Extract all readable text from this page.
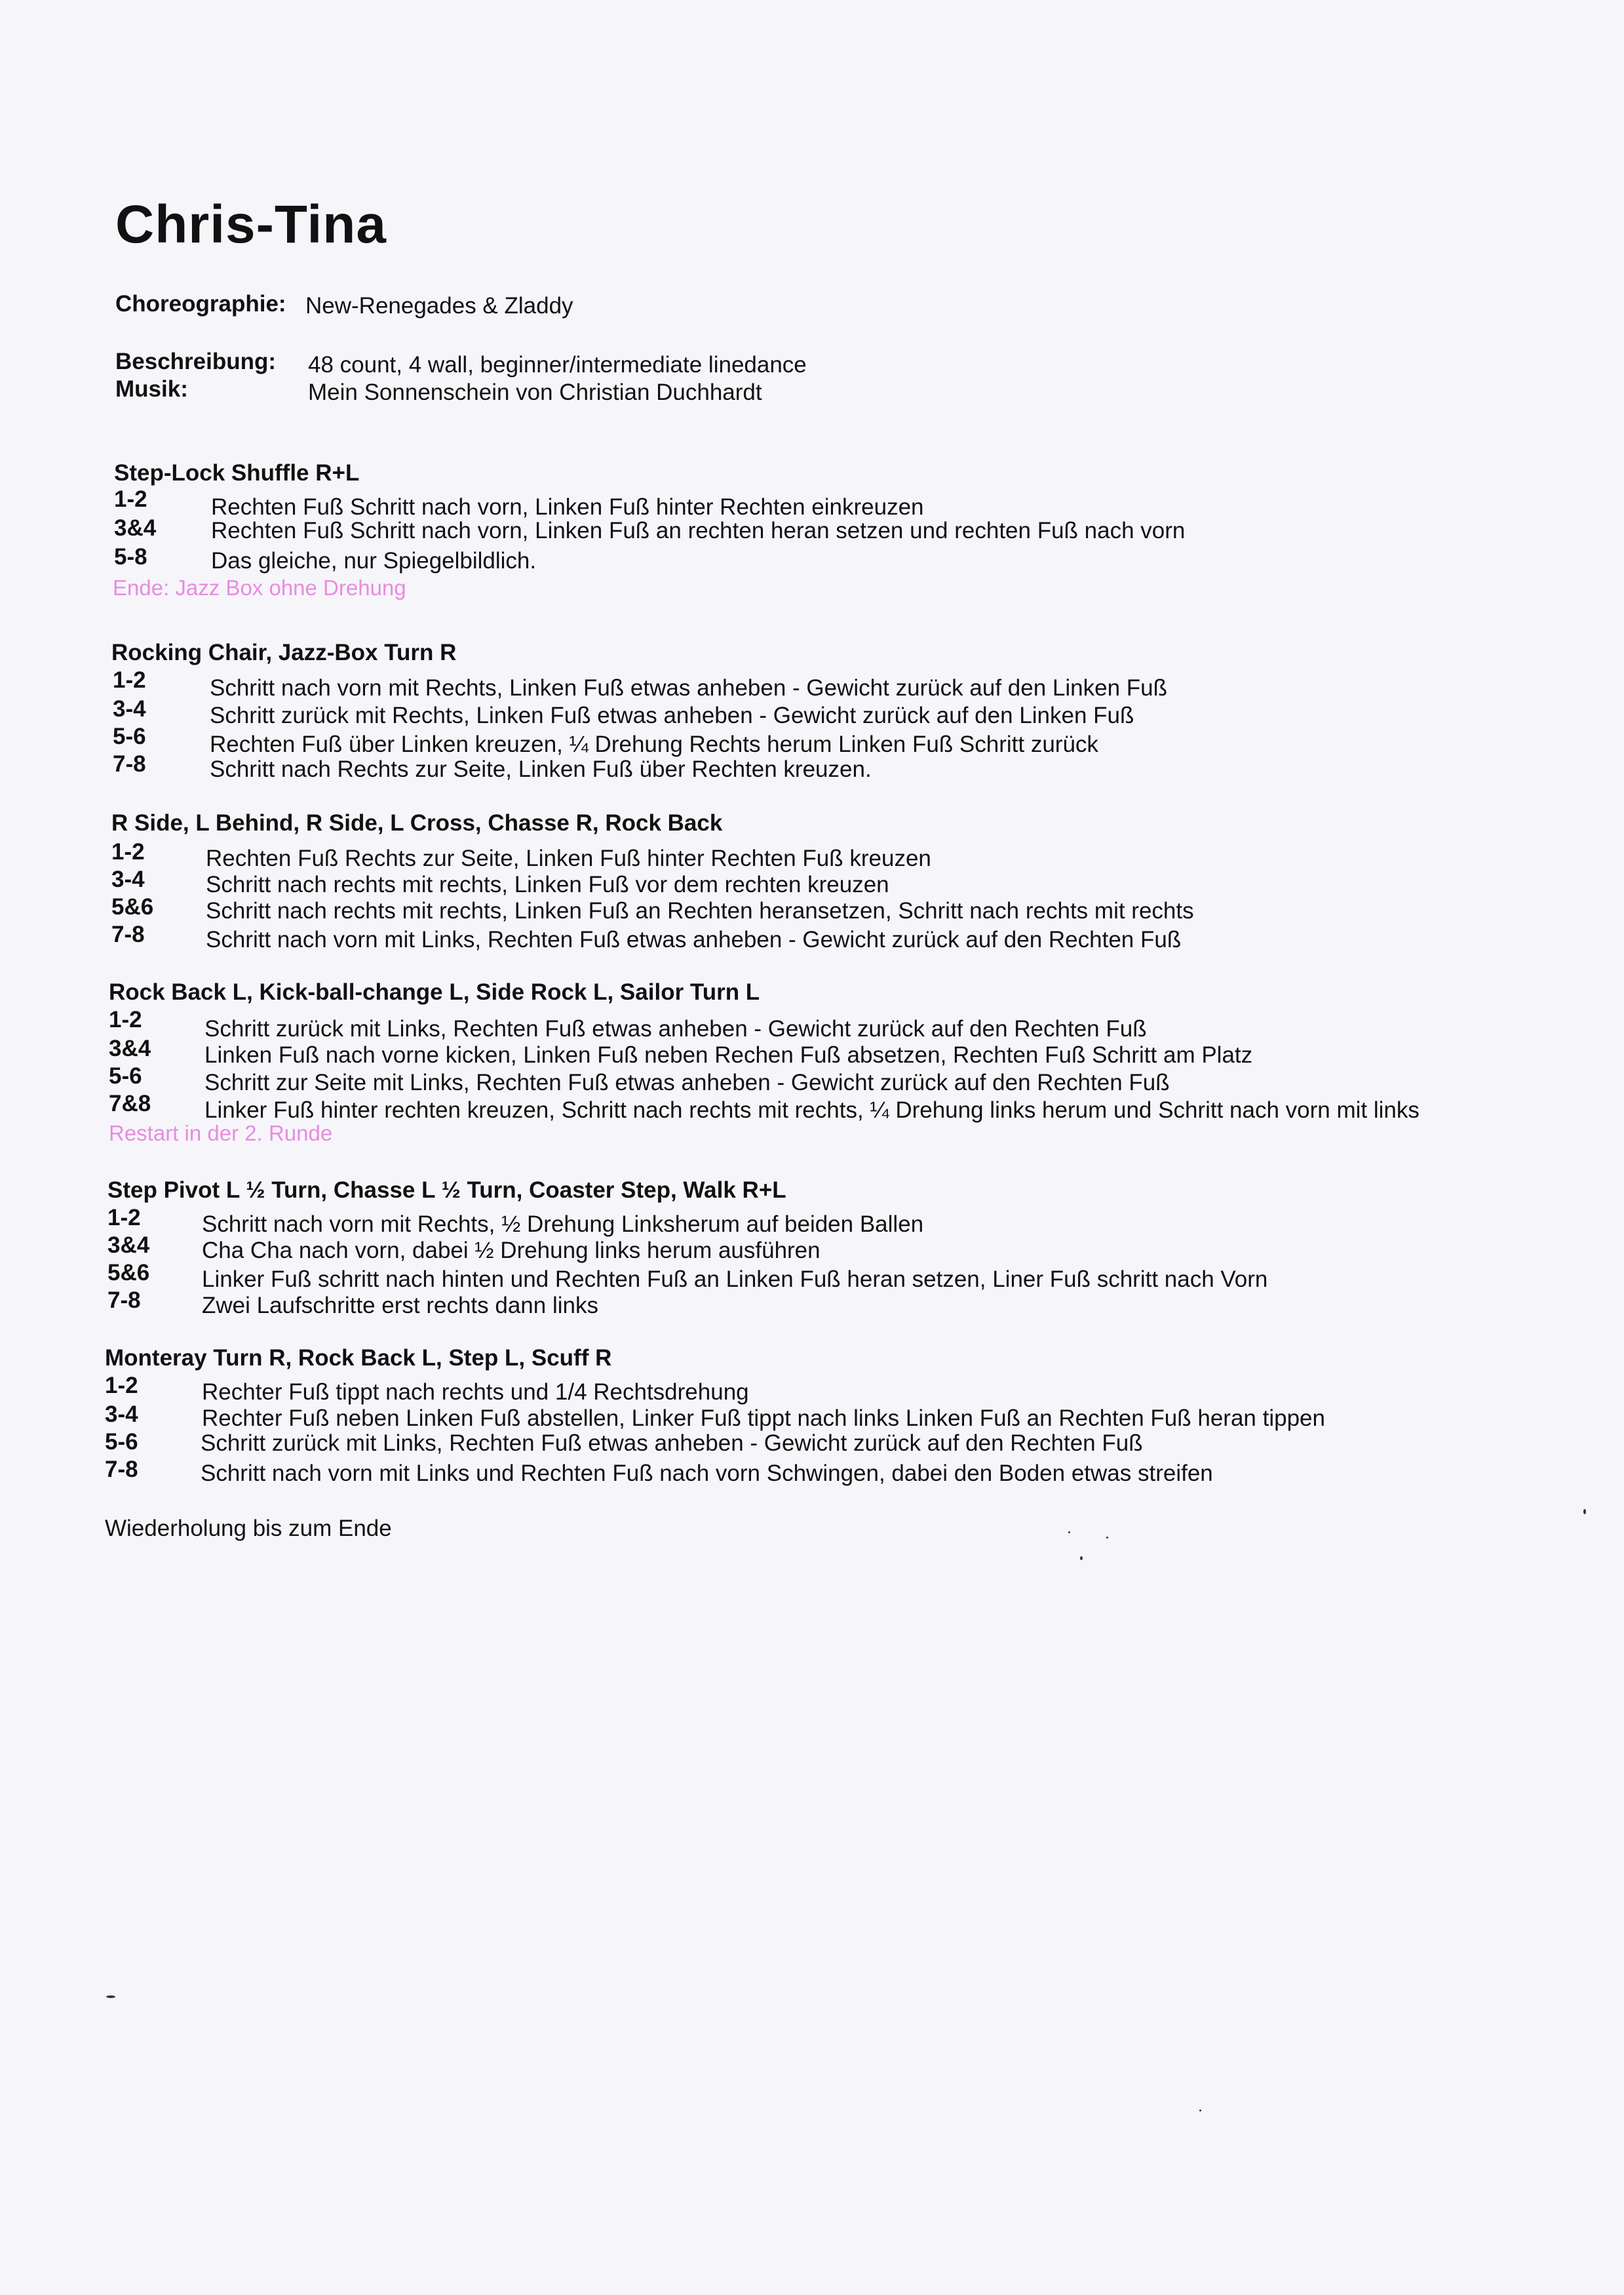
Chris-Tina
Choreographie: New-Renegades & Zladdy
Beschreibung: 48 count, 4 wall, beginner/intermediate linedance
Musik:	Mein Sonnenschein von Christian Duchhardt
Step-Lock Shuffle R+L
1-2	Rechten Fuß Schritt nach vorn, Linken Fuß hinter Rechten einkreuzen
3&4 Rechten Fuß Schritt nach vorn, Linken Fuß an rechten heran setzen und rechten Fuß nach vorn
5-8	Das gleiche, nur Spiegelbildlich.
Ende: Jazz Box ohne Drehung
Rocking Chair, Jazz-Box Turn R
1-2	Schritt nach vorn mit Rechts, Linken Fuß etwas anheben - Gewicht zurück auf den Linken Fuß
3-4	Schritt zurück mit Rechts, Linken Fuß etwas anheben - Gewicht zurück auf den Linken Fuß
5-6	Rechten Fuß über Linken kreuzen, ¼ Drehung Rechts herum Linken Fuß Schritt zurück
7-8	Schritt nach Rechts zur Seite, Linken Fuß über Rechten kreuzen.
R Side, L Behind, R Side, L Cross, Chasse R, Rock Back
1-2	Rechten Fuß Rechts zur Seite, Linken Fuß hinter Rechten Fuß kreuzen
3-4	Schritt nach rechts mit rechts, Linken Fuß vor dem rechten kreuzen
5&6 Schritt nach rechts mit rechts, Linken Fuß an Rechten heransetzen, Schritt nach rechts mit rechts
7-8	Schritt nach vorn mit Links, Rechten Fuß etwas anheben - Gewicht zurück auf den Rechten Fuß
Rock Back L, Kick-ball-change L, Side Rock L, Sailor Turn L
1-2	Schritt zurück mit Links, Rechten Fuß etwas anheben - Gewicht zurück auf den Rechten Fuß
3&4 Linken Fuß nach vorne kicken, Linken Fuß neben Rechen Fuß absetzen, Rechten Fuß Schritt am Platz
5-6	Schritt zur Seite mit Links, Rechten Fuß etwas anheben - Gewicht zurück auf den Rechten Fuß
7&8 Linker Fuß hinter rechten kreuzen, Schritt nach rechts mit rechts, ¼ Drehung links herum und Schritt nach vorn mit links
Restart in der 2. Runde
Step Pivot L ½ Turn, Chasse L ½ Turn, Coaster Step, Walk R+L
1-2	Schritt nach vorn mit Rechts, ½ Drehung Linksherum auf beiden Ballen
3&4 Cha Cha nach vorn, dabei ½ Drehung links herum ausführen
5&6 Linker Fuß schritt nach hinten und Rechten Fuß an Linken Fuß heran setzen, Liner Fuß schritt nach Vorn
7-8	Zwei Laufschritte erst rechts dann links
Monteray Turn R, Rock Back L, Step L, Scuff R
1-2	Rechter Fuß tippt nach rechts und 1/4 Rechtsdrehung
3-4	Rechter Fuß neben Linken Fuß abstellen, Linker Fuß tippt nach links Linken Fuß an Rechten Fuß heran tippen
5-6	Schritt zurück mit Links, Rechten Fuß etwas anheben - Gewicht zurück auf den Rechten Fuß
7-8	Schritt nach vorn mit Links und Rechten Fuß nach vorn Schwingen, dabei den Boden etwas streifen
Wiederholung bis zum Ende
